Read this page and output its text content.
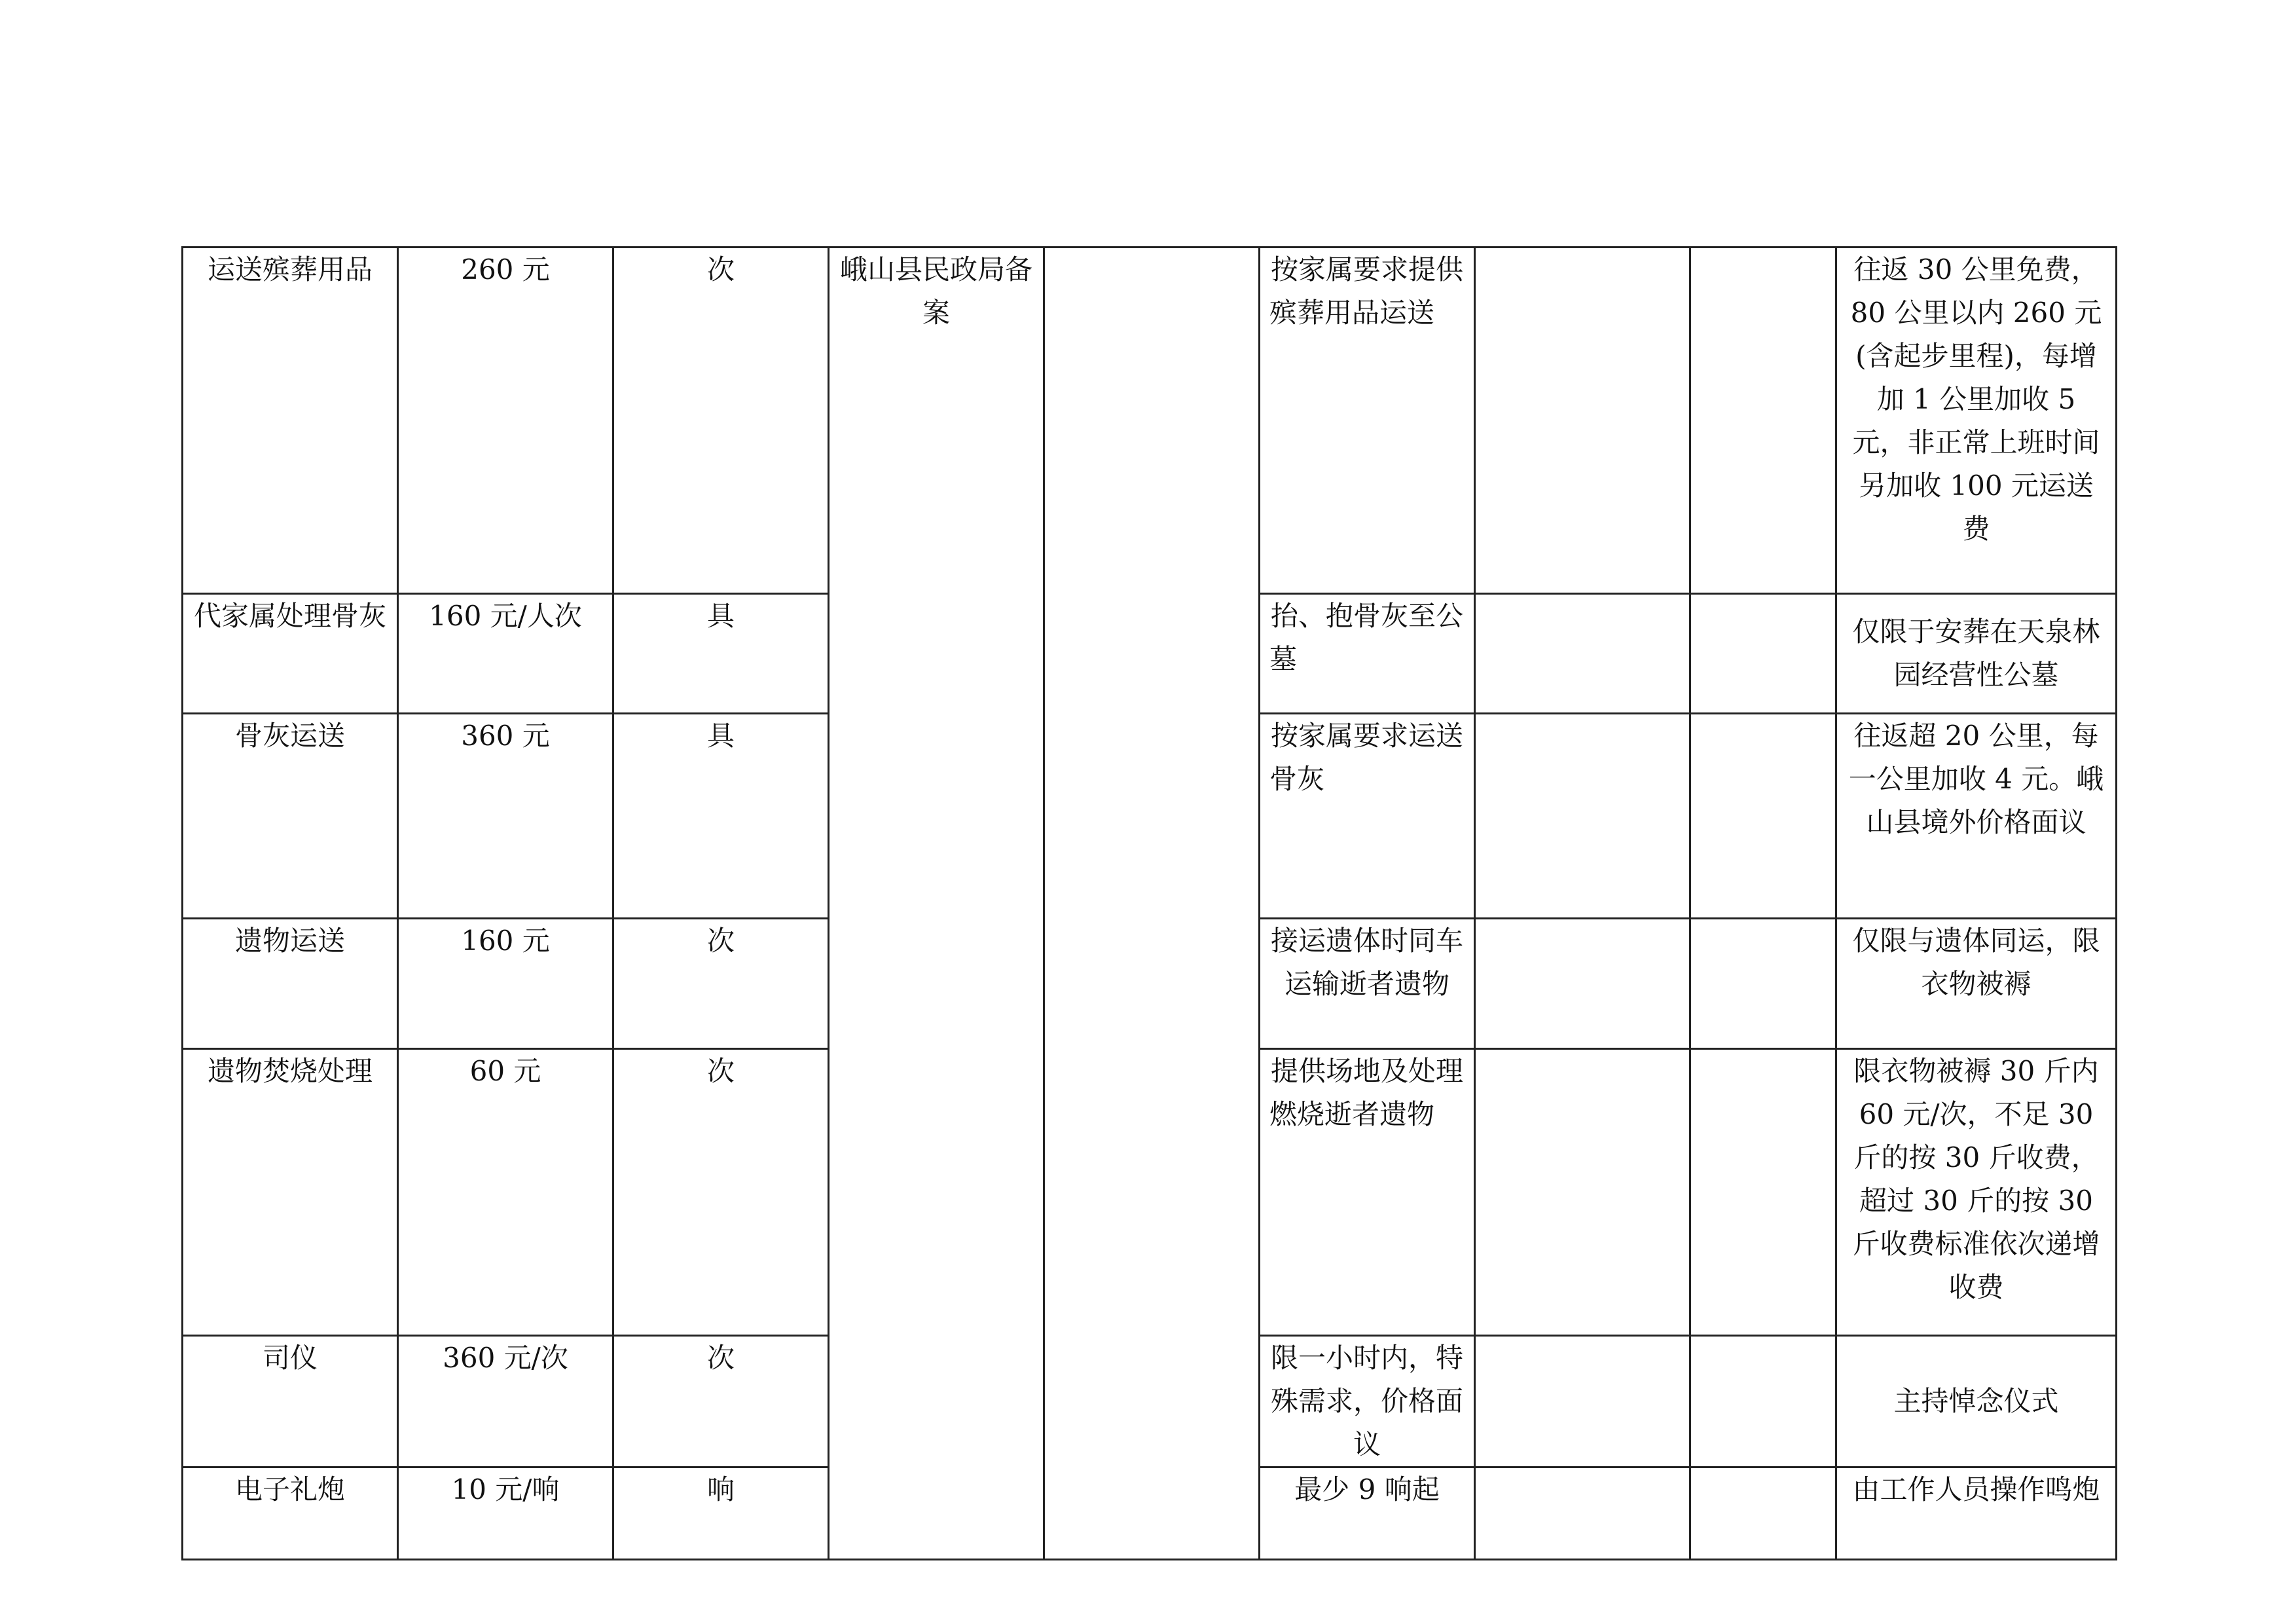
运送殡葬用品	260 元	次	峨山县民政局备案		按家属要求提供殡葬用品运送			往返 30 公里免费，80 公里以内 260 元(含起步里程)，每增加 1 公里加收 5 元，非正常上班时间另加收 100 元运送费
代家属处理骨灰	160 元/人次	具			抬、抱骨灰至公墓			仅限于安葬在天泉林园经营性公墓
骨灰运送	360 元	具			按家属要求运送骨灰			往返超 20 公里，每一公里加收 4 元。峨山县境外价格面议
遗物运送	160 元	次			接运遗体时同车运输逝者遗物			仅限与遗体同运，限衣物被褥
遗物焚烧处理	60 元	次			提供场地及处理燃烧逝者遗物			限衣物被褥 30 斤内 60 元/次，不足 30 斤的按 30 斤收费，超过 30 斤的按 30 斤收费标准依次递增收费
司仪	360 元/次	次			限一小时内，特殊需求，价格面议			主持悼念仪式
电子礼炮	10 元/响	响			最少 9 响起			由工作人员操作鸣炮
